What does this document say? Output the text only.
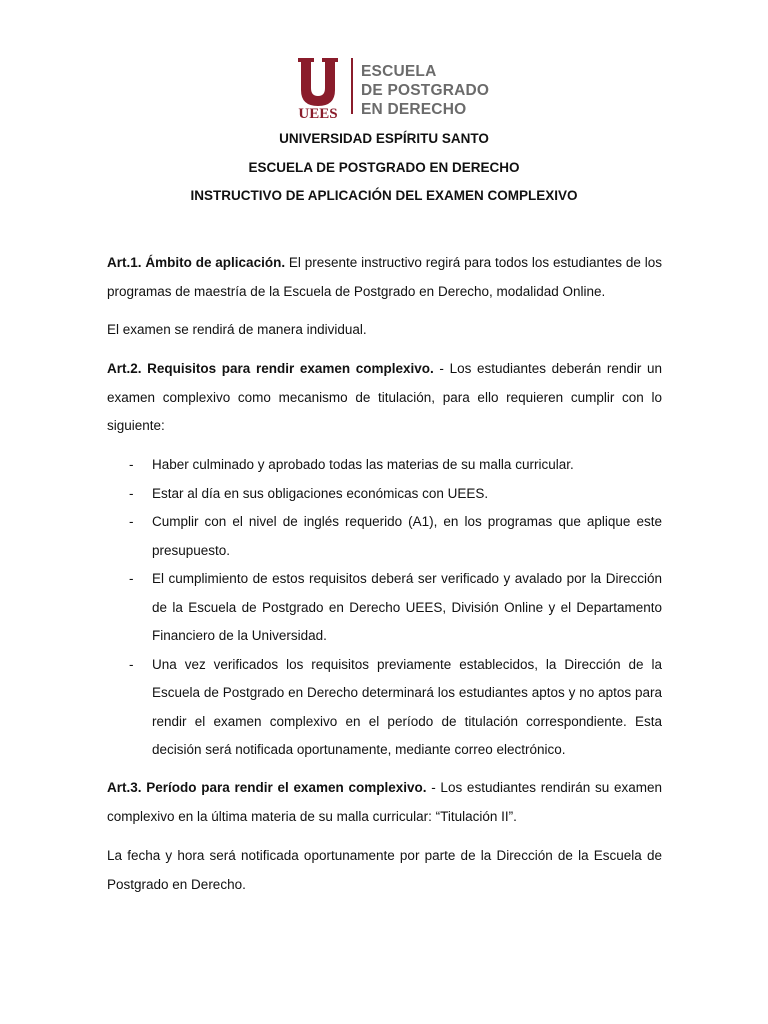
UEES
ESCUELA
DE POSTGRADO
EN DERECHO
UNIVERSIDAD ESPÍRITU SANTO
ESCUELA DE POSTGRADO EN DERECHO
INSTRUCTIVO DE APLICACIÓN DEL EXAMEN COMPLEXIVO
Art.1. Ámbito de aplicación. El presente instructivo regirá para todos los estudiantes de los programas de maestría de la Escuela de Postgrado en Derecho, modalidad Online.
El examen se rendirá de manera individual.
Art.2. Requisitos para rendir examen complexivo. - Los estudiantes deberán rendir un examen complexivo como mecanismo de titulación, para ello requieren cumplir con lo siguiente:
- Haber culminado y aprobado todas las materias de su malla curricular.
- Estar al día en sus obligaciones económicas con UEES.
- Cumplir con el nivel de inglés requerido (A1), en los programas que aplique este presupuesto.
- El cumplimiento de estos requisitos deberá ser verificado y avalado por la Dirección de la Escuela de Postgrado en Derecho UEES, División Online y el Departamento Financiero de la Universidad.
- Una vez verificados los requisitos previamente establecidos, la Dirección de la Escuela de Postgrado en Derecho determinará los estudiantes aptos y no aptos para rendir el examen complexivo en el período de titulación correspondiente. Esta decisión será notificada oportunamente, mediante correo electrónico.
Art.3. Período para rendir el examen complexivo. - Los estudiantes rendirán su examen complexivo en la última materia de su malla curricular: “Titulación II”.
La fecha y hora será notificada oportunamente por parte de la Dirección de la Escuela de Postgrado en Derecho.
